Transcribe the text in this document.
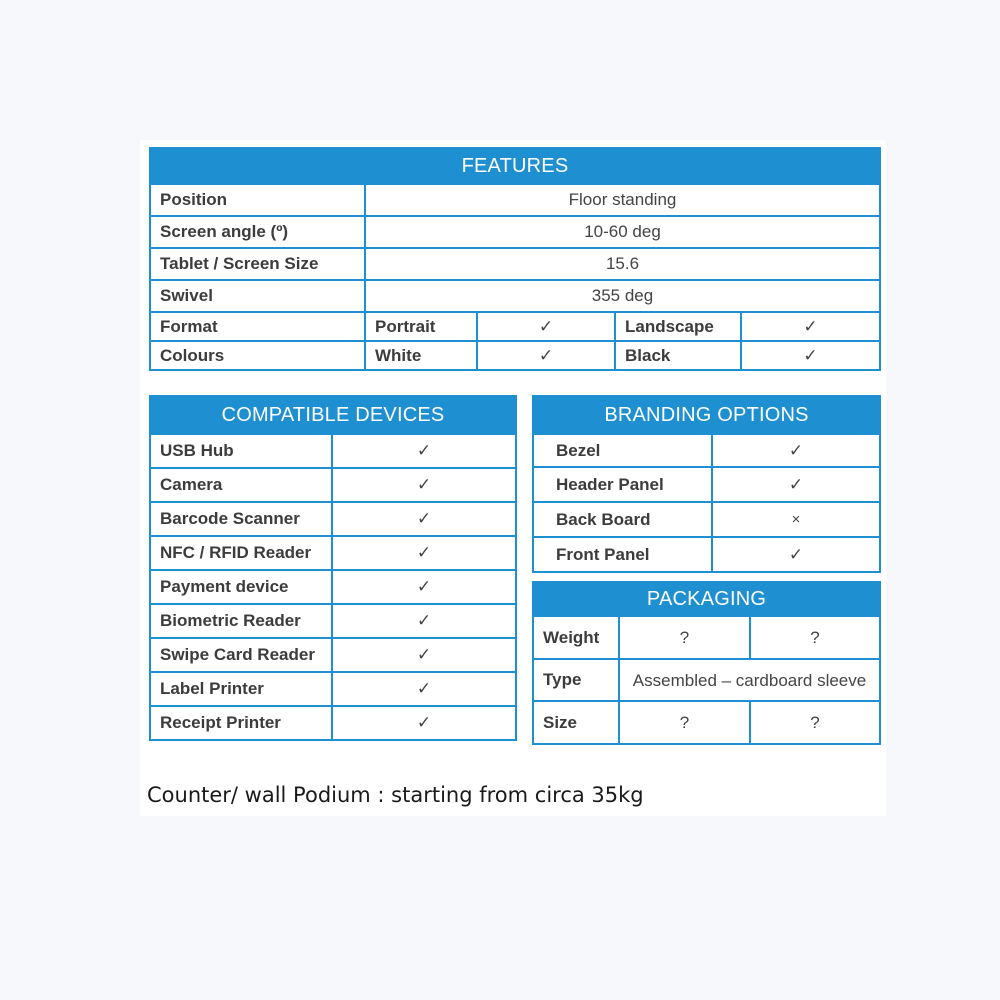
FEATURES				
Position	Floor standing			
Screen angle (º)	10-60 deg			
Tablet / Screen Size	15.6			
Swivel	355 deg			
Format	Portrait	✓	Landscape	✓
Colours	White	✓	Black	✓
COMPATIBLE DEVICES	
USB Hub	✓
Camera	✓
Barcode Scanner	✓
NFC / RFID Reader	✓
Payment device	✓
Biometric Reader	✓
Swipe Card Reader	✓
Label Printer	✓
Receipt Printer	✓
BRANDING OPTIONS	
Bezel	✓
Header Panel	✓
Back Board	×
Front Panel	✓
PACKAGING		
Weight	?	?
Type	Assembled – cardboard sleeve	
Size	?	?
Counter/ wall Podium : starting from circa 35kg
